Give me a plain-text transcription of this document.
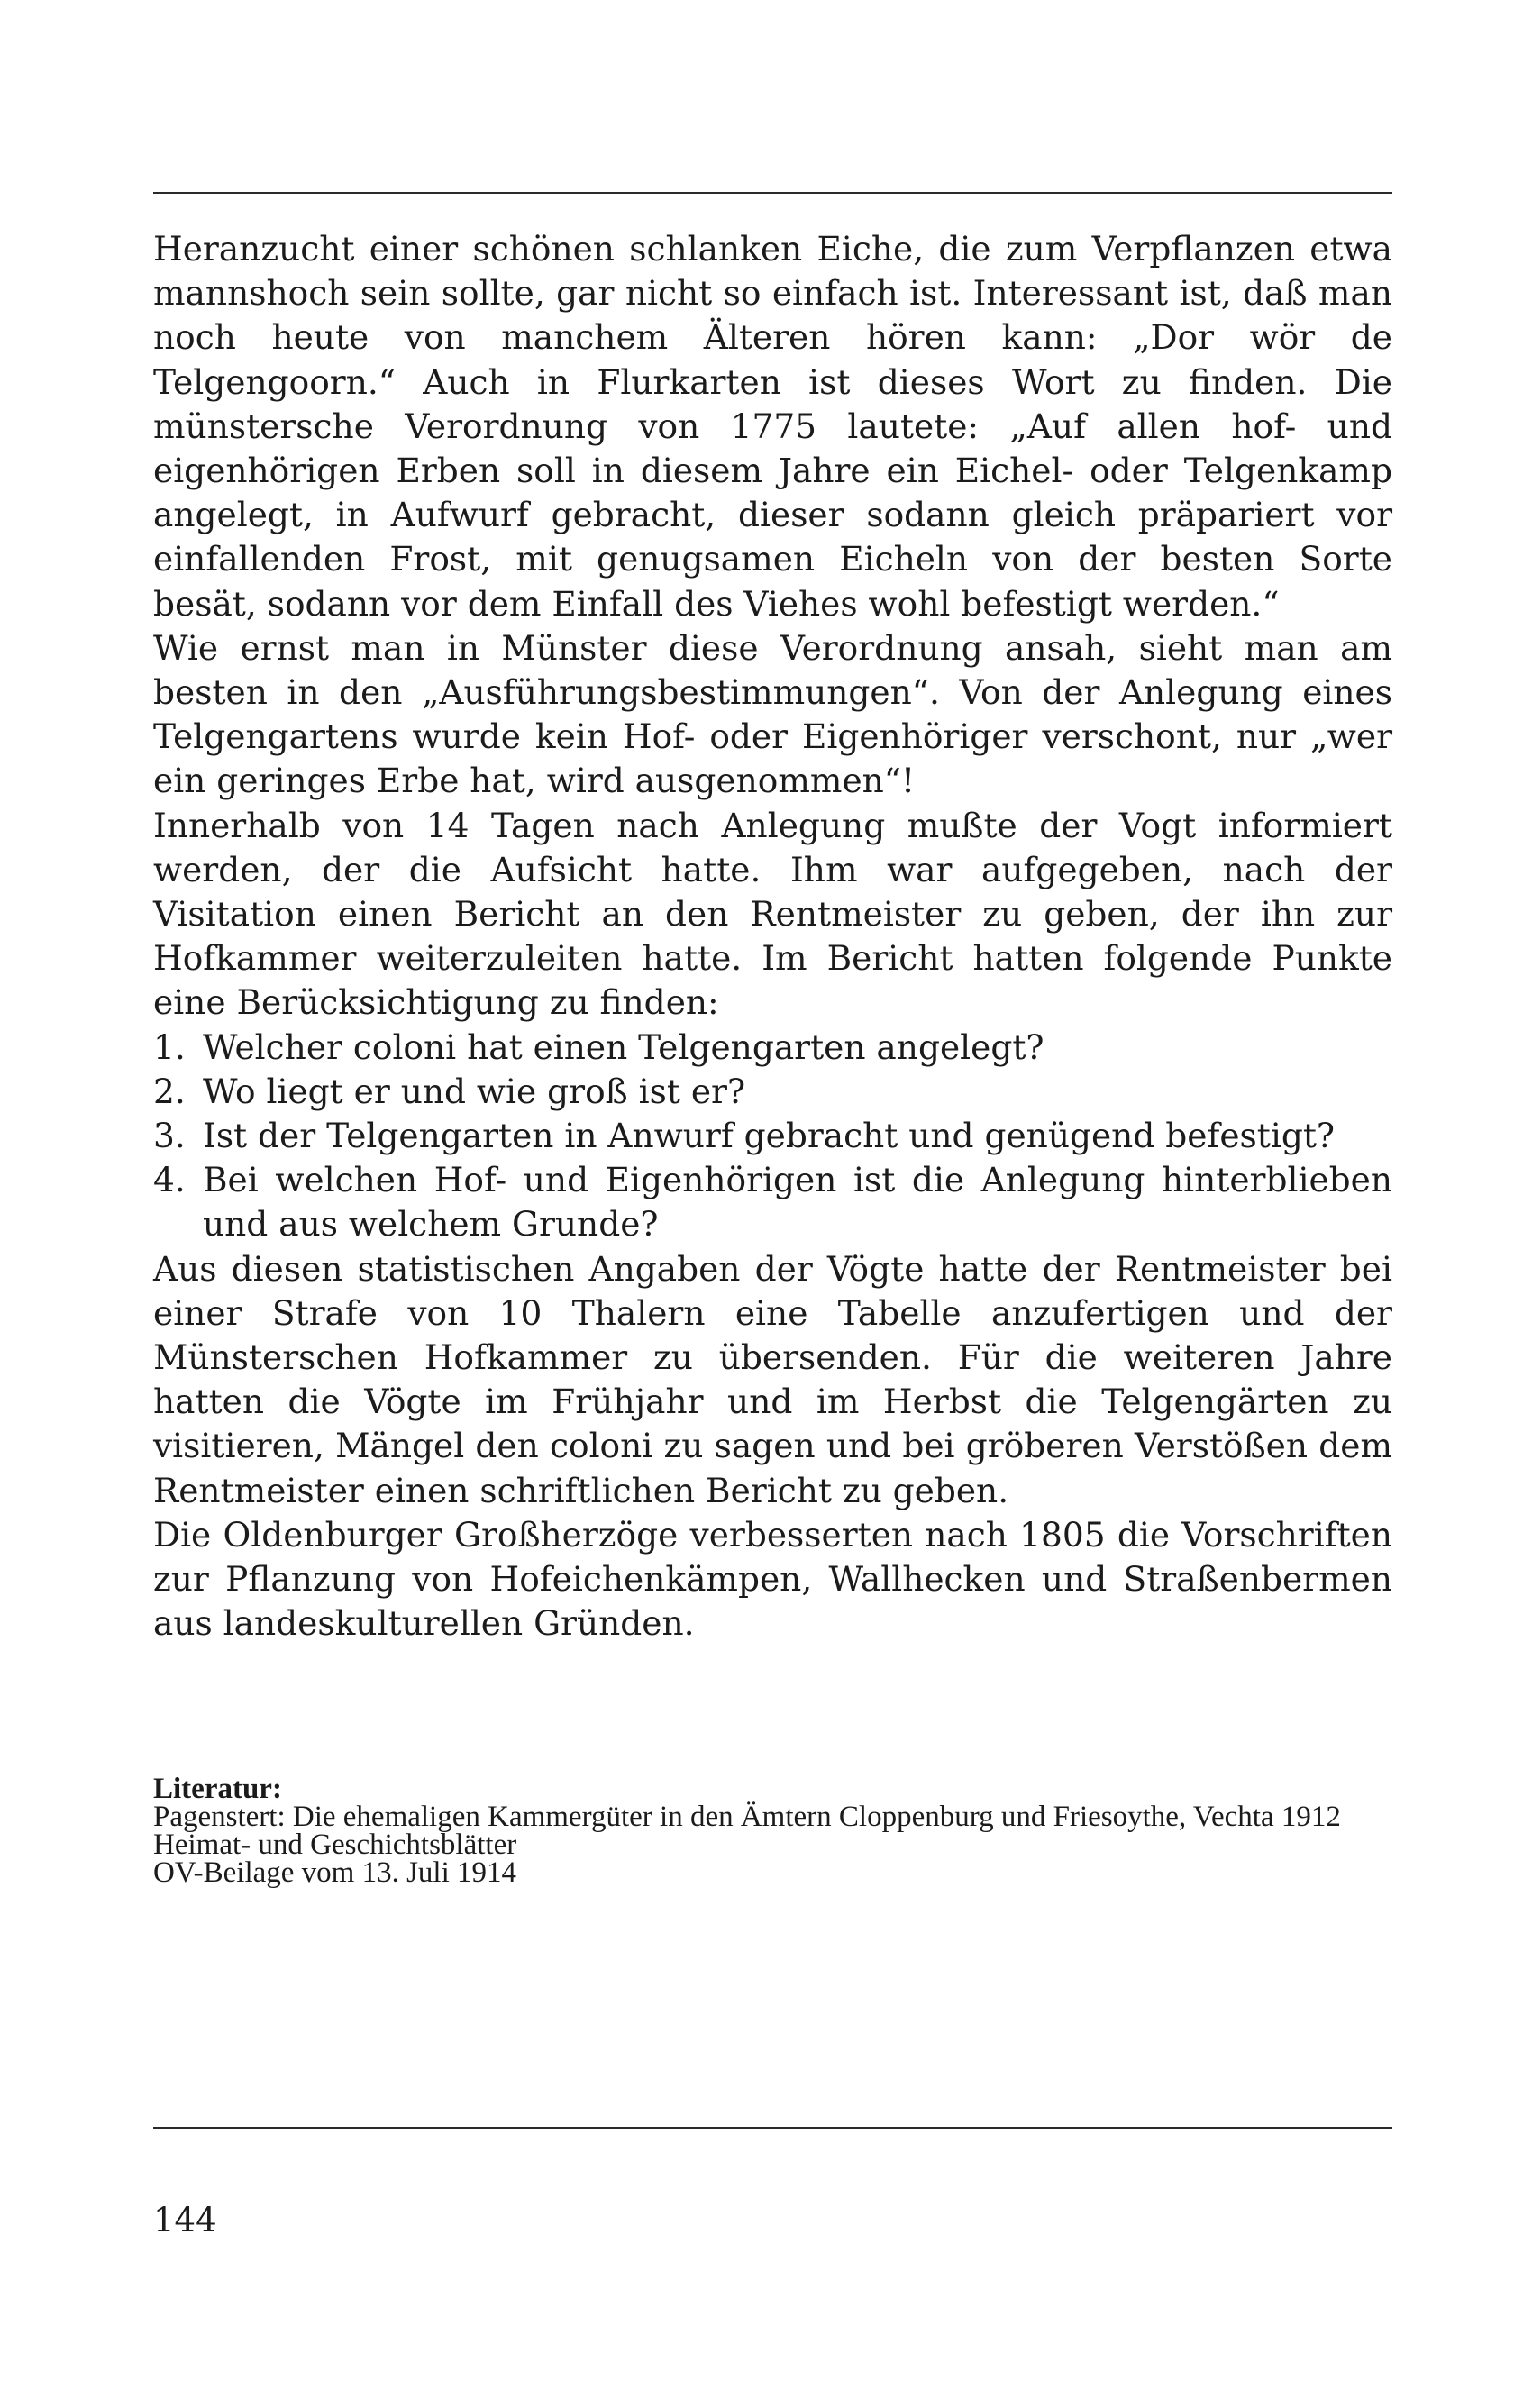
Heranzucht einer schönen schlanken Eiche, die zum Verpflanzen etwa mannshoch sein sollte, gar nicht so einfach ist. Interessant ist, daß man noch heute von manchem Älteren hören kann: „Dor wör de Telgengoorn.“ Auch in Flurkarten ist dieses Wort zu finden. Die münstersche Verordnung von 1775 lautete: „Auf allen hof- und eigenhörigen Erben soll in diesem Jahre ein Eichel- oder Telgenkamp angelegt, in Aufwurf gebracht, dieser sodann gleich präpariert vor einfallenden Frost, mit genugsamen Eicheln von der besten Sorte besät, sodann vor dem Einfall des Viehes wohl befestigt werden.“

Wie ernst man in Münster diese Verordnung ansah, sieht man am besten in den „Ausführungsbestimmungen“. Von der Anlegung eines Telgengartens wurde kein Hof- oder Eigenhöriger verschont, nur „wer ein geringes Erbe hat, wird ausgenommen“!

Innerhalb von 14 Tagen nach Anlegung mußte der Vogt informiert werden, der die Aufsicht hatte. Ihm war aufgegeben, nach der Visitation einen Bericht an den Rentmeister zu geben, der ihn zur Hofkammer weiterzuleiten hatte. Im Bericht hatten folgende Punkte eine Berücksichtigung zu finden:

1. Welcher coloni hat einen Telgengarten angelegt?
2. Wo liegt er und wie groß ist er?
3. Ist der Telgengarten in Anwurf gebracht und genügend befestigt?
4. Bei welchen Hof- und Eigenhörigen ist die Anlegung hinterblieben und aus welchem Grunde?

Aus diesen statistischen Angaben der Vögte hatte der Rentmeister bei einer Strafe von 10 Thalern eine Tabelle anzufertigen und der Münsterschen Hofkammer zu übersenden. Für die weiteren Jahre hatten die Vögte im Frühjahr und im Herbst die Telgengärten zu visitieren, Mängel den coloni zu sagen und bei gröberen Verstößen dem Rentmeister einen schriftlichen Bericht zu geben.

Die Oldenburger Großherzöge verbesserten nach 1805 die Vorschriften zur Pflanzung von Hofeichenkämpen, Wallhecken und Straßenbermen aus landeskulturellen Gründen.

Literatur:

Pagenstert: Die ehemaligen Kammergüter in den Ämtern Cloppenburg und Friesoythe, Vechta 1912

Heimat- und Geschichtsblätter

OV-Beilage vom 13. Juli 1914

144
